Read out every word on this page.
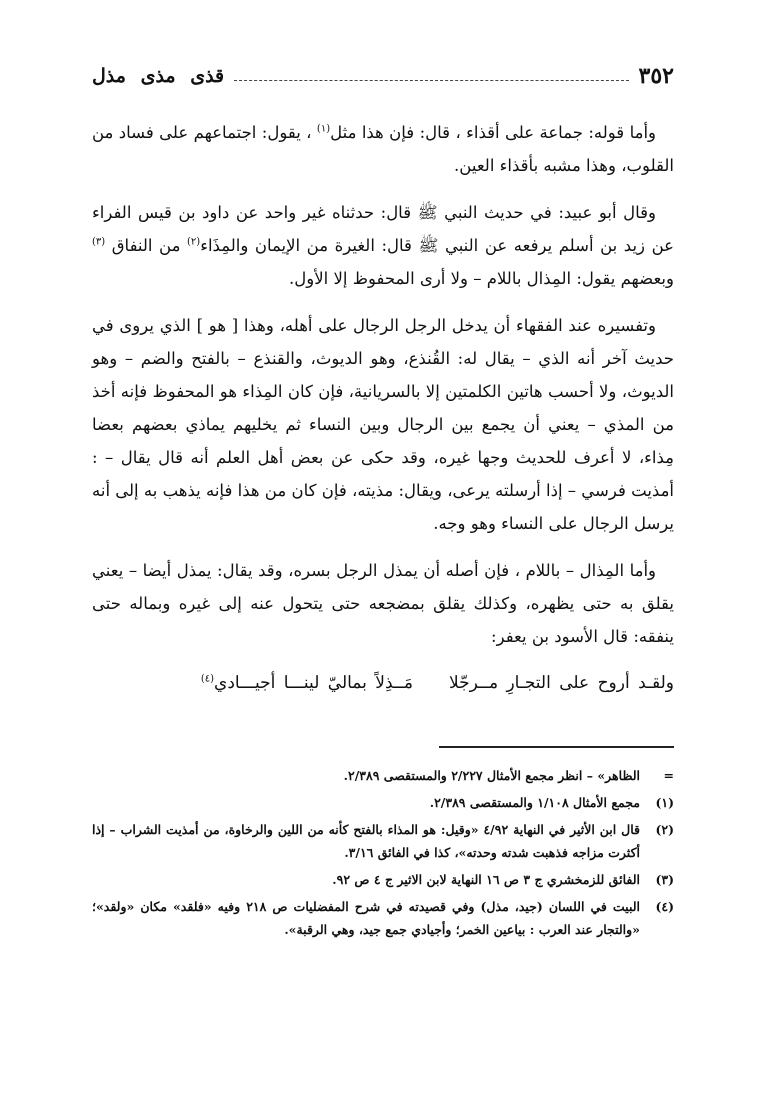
٣٥٢
قذى مذى مذل

وأما قوله: جماعة على أقذاء ، قال: فإن هذا مثل$^{(١)}$ ، يقول: اجتماعهم على فساد من القلوب، وهذا مشبه بأقذاء العين.

وقال أبو عبيد: في حديث النبي ﷺ قال: حدثناه غير واحد عن داود بن قيس الفراء عن زيد بن أسلم يرفعه عن النبي ﷺ قال: الغيرة من الإيمان والمِذَاء$^{(٢)}$ من النفاق $^{(٣)}$ وبعضهم يقول: المِذال باللام – ولا أرى المحفوظ إلا الأول.

وتفسيره عند الفقهاء أن يدخل الرجل الرجال على أهله، وهذا [ هو ] الذي يروى في حديث آخر أنه الذي – يقال له: القُنذع، وهو الديوث، والقنذع – بالفتح والضم – وهو الديوث، ولا أحسب هاتين الكلمتين إلا بالسريانية، فإن كان المِذاء هو المحفوظ فإنه أخذ من المذي – يعني أن يجمع بين الرجال وبين النساء ثم يخليهم يماذي بعضهم بعضا مِذاء، لا أعرف للحديث وجها غيره، وقد حكى عن بعض أهل العلم أنه قال يقال – : أمذيت فرسي – إذا أرسلته يرعى، ويقال: مذيته، فإن كان من هذا فإنه يذهب به إلى أنه يرسل الرجال على النساء وهو وجه.

وأما المِذال – باللام ، فإن أصله أن يمذل الرجل بسره، وقد يقال: يمذل أيضا – يعني يقلق به حتى يظهره، وكذلك يقلق بمضجعه حتى يتحول عنه إلى غيره وبماله حتى ينفقه: قال الأسود بن يعفر:

ولقـد أروح على التجـارِ مــرجّلامَــذِلاً بماليّ لينـــا أجيـــادي$^{(٤)}$

=
الظاهر» – انظر مجمع الأمثال ٢/٢٢٧ والمستقصى ٢/٣٨٩.
(١)
مجمع الأمثال ١/١٠٨ والمستقصى ٢/٣٨٩.
(٢)
قال ابن الأثير في النهاية ٤/٩٢ «وقيل: هو المذاء بالفتح كأنه من اللين والرخاوة، من أمذيت الشراب – إذا أكثرت مزاجه فذهبت شدته وحدته»، كذا في الفائق ٣/١٦.
(٣)
الفائق للزمخشري ج ٣ ص ١٦ النهاية لابن الاثير ج ٤ ص ٩٢.
(٤)
البيت في اللسان (جيد، مذل) وفي قصيدته في شرح المفضليات ص ٢١٨ وفيه «فلقد» مكان «ولقد»؛ «والتجار عند العرب : بياعين الخمر؛ وأجيادي جمع جيد، وهي الرقبة».
